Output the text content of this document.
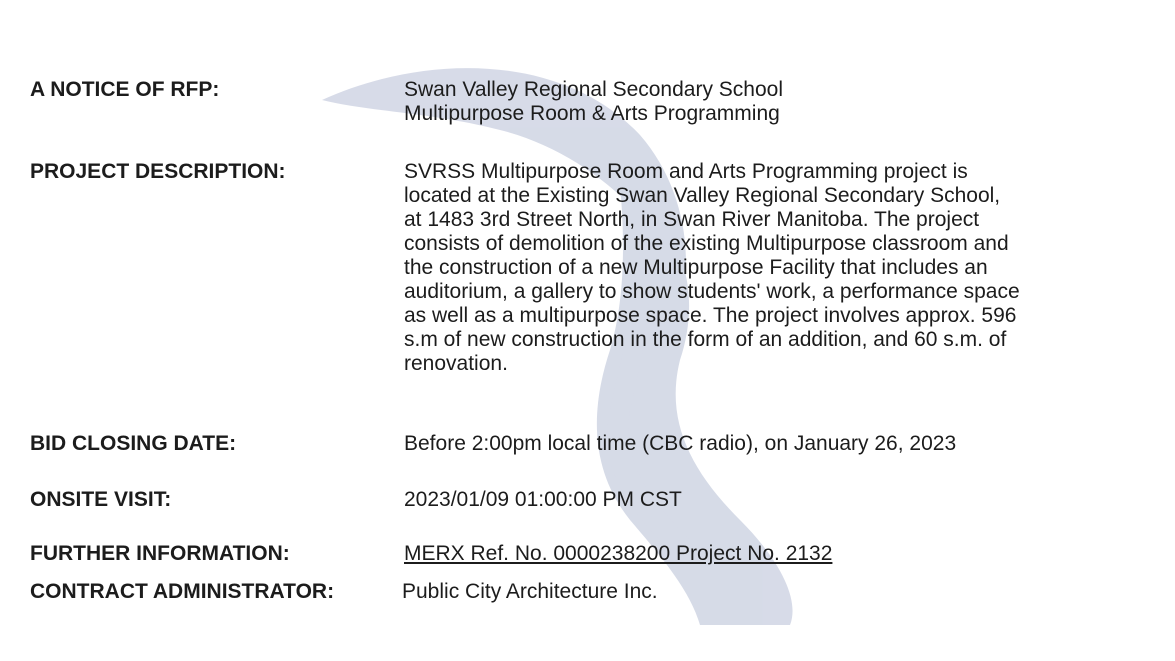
A NOTICE OF RFP:	Swan Valley Regional Secondary School
Multipurpose Room & Arts Programming
PROJECT DESCRIPTION:	SVRSS Multipurpose Room and Arts Programming project is
located at the Existing Swan Valley Regional Secondary School,
at 1483 3rd Street North, in Swan River Manitoba. The project
consists of demolition of the existing Multipurpose classroom and
the construction of a new Multipurpose Facility that includes an
auditorium, a gallery to show students' work, a performance space
as well as a multipurpose space. The project involves approx. 596
s.m of new construction in the form of an addition, and 60 s.m. of
renovation.
BID CLOSING DATE:	Before 2:00pm local time (CBC radio), on January 26, 2023
ONSITE VISIT:	2023/01/09 01:00:00 PM CST
FURTHER INFORMATION:	MERX Ref. No. 0000238200 Project No. 2132
CONTRACT ADMINISTRATOR:	Public City Architecture Inc.
